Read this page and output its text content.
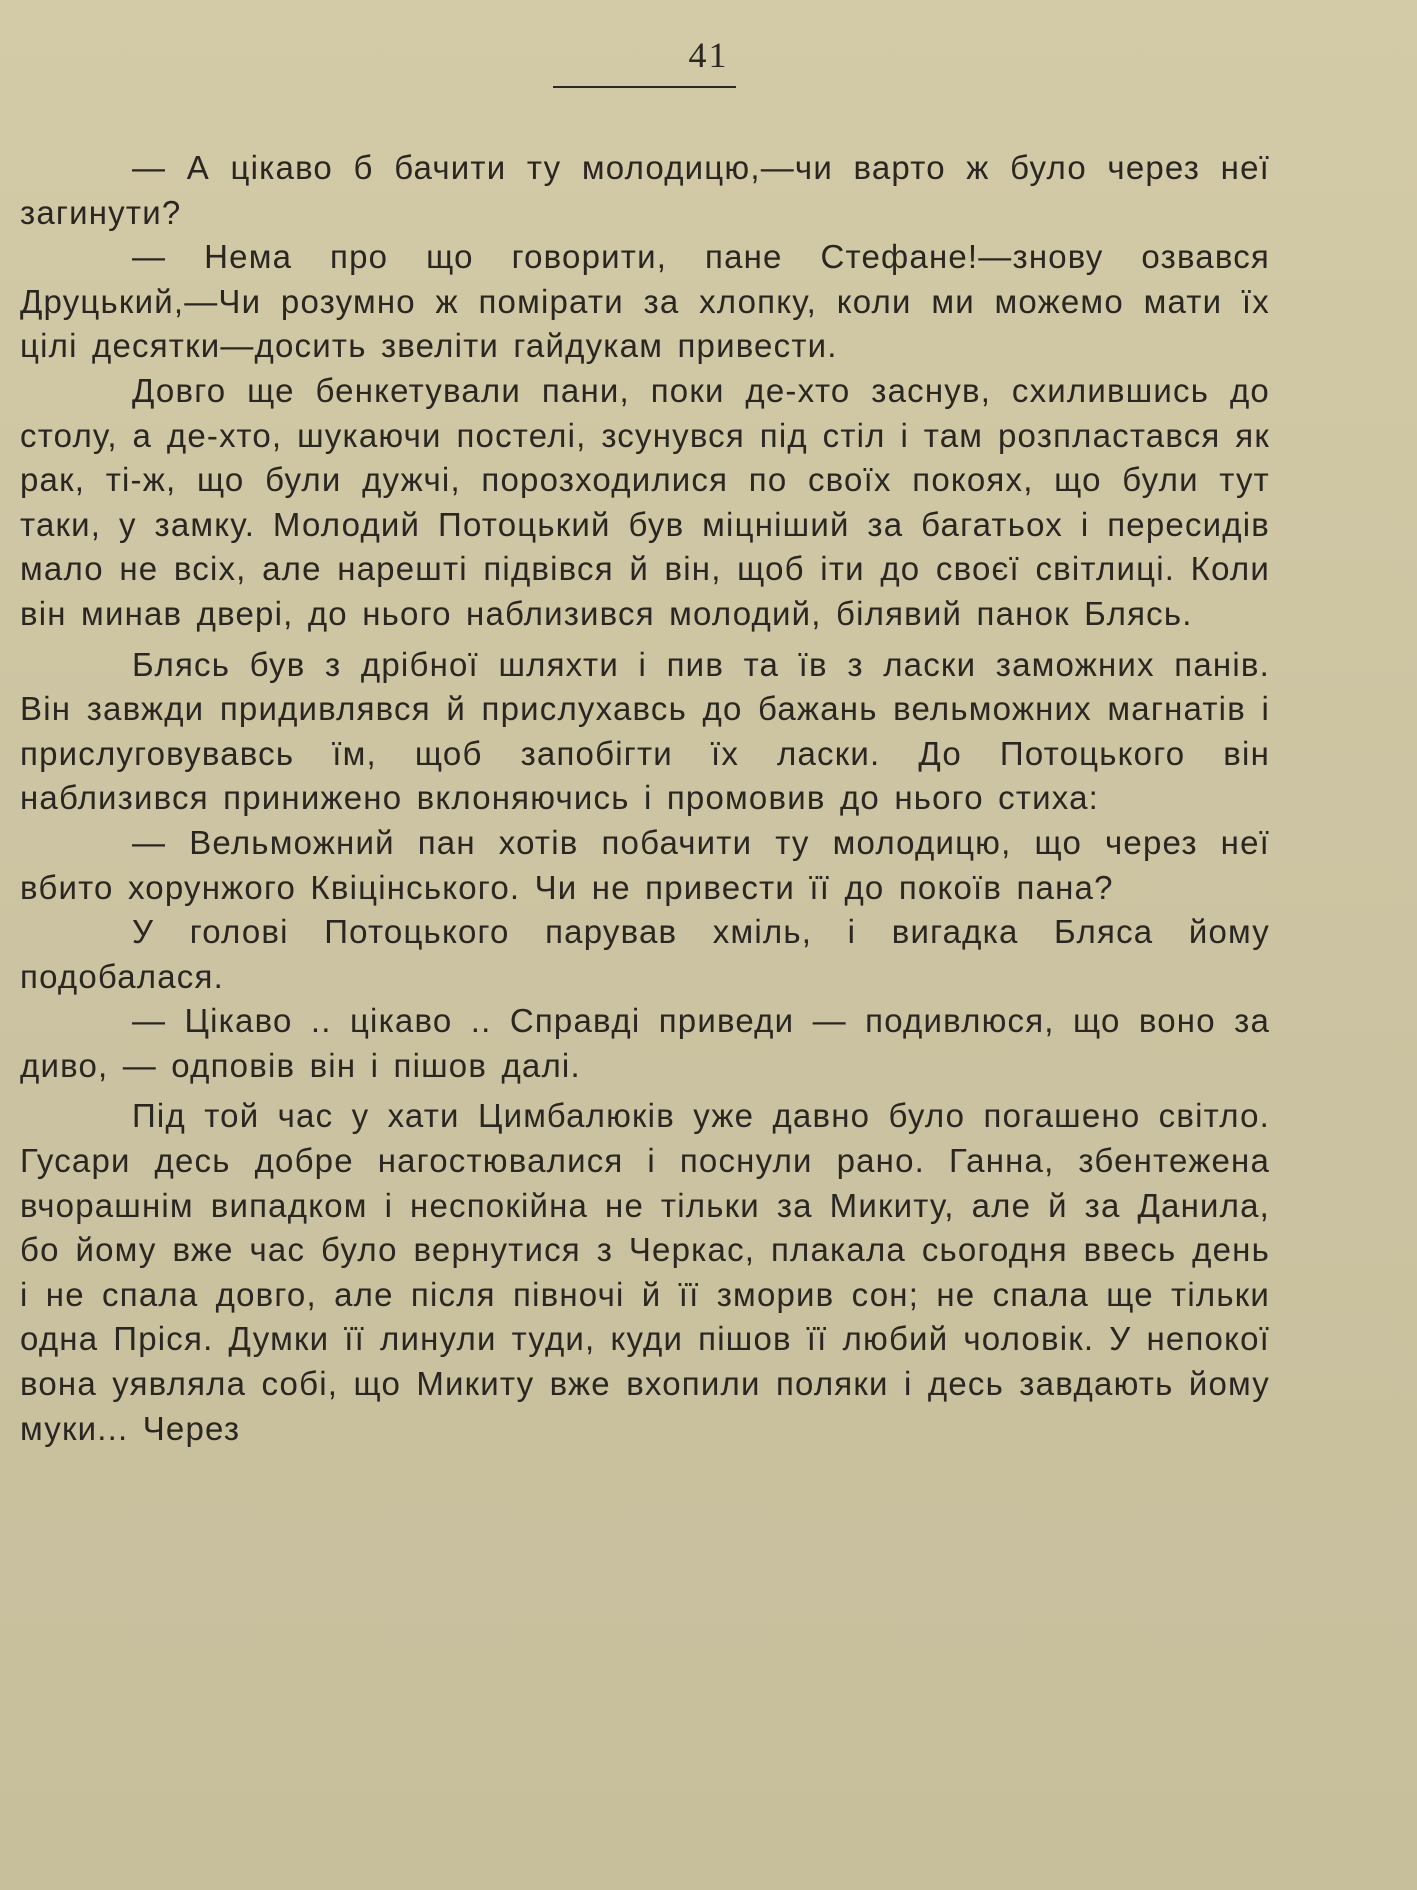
41

— А цікаво б бачити ту молодицю,—чи варто ж було через неї загинути?

— Нема про що говорити, пане Стефане!—знову озвався Друцький,—Чи розумно ж помірати за хлопку, коли ми можемо мати їх цілі десятки—досить звеліти гайдукам привести.

Довго ще бенкетували пани, поки де-хто заснув, схилившись до столу, а де-хто, шукаючи постелі, зсунувся під стіл і там розпластався як рак, ті-ж, що були дужчі, порозходилися по своїх покоях, що були тут таки, у замку. Молодий Потоцький був міцніший за багатьох і пересидів мало не всіх, але нарешті підвівся й він, щоб іти до своєї світлиці. Коли він минав двері, до нього наблизився молодий, білявий панок Блясь.

Блясь був з дрібної шляхти і пив та їв з ласки заможних панів. Він завжди придивлявся й прислухавсь до бажань вельможних магнатів і прислуговувавсь їм, щоб запобігти їх ласки. До Потоцького він наблизився принижено вклоняючись і промовив до нього стиха:

— Вельможний пан хотів побачити ту молодицю, що через неї вбито хорунжого Квіцінського. Чи не привести її до покоїв пана?

У голові Потоцького парував хміль, і вигадка Бляса йому подобалася.

— Цікаво .. цікаво .. Справді приведи — подивлюся, що воно за диво, — одповів він і пішов далі.

Під той час у хати Цимбалюків уже давно було погашено світло. Гусари десь добре нагостювалися і поснули рано. Ганна, збентежена вчорашнім випадком і неспокійна не тільки за Микиту, але й за Данила, бо йому вже час було вернутися з Черкас, плакала сьогодня ввесь день і не спала довго, але після півночі й її зморив сон; не спала ще тільки одна Пріся. Думки її линули туди, куди пішов її любий чоловік. У непокої вона уявляла собі, що Микиту вже вхопили поляки і десь завдають йому муки... Через
